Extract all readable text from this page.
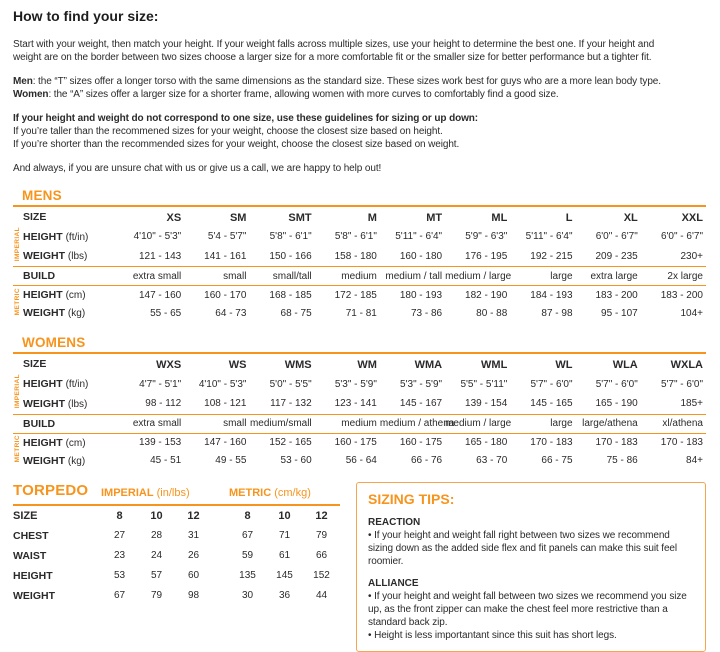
How to find your size:
Start with your weight, then match your height. If your weight falls across multiple sizes, use your height to determine the best one. If your height and
weight are on the border between two sizes choose a larger size for a more comfortable fit or the smaller size for better performance but a tighter fit.
Men: the “T” sizes offer a longer torso with the same dimensions as the standard size. These sizes work best for guys who are a more lean body type.
Women: the “A” sizes offer a larger size for a shorter frame, allowing women with more curves to comfortably find a good size.
If your height and weight do not correspond to one size, use these guidelines for sizing or up down:
If you’re taller than the recommened sizes for your weight, choose the closest size based on height.
If you’re shorter than the recommended sizes for your weight, choose the closest size based on weight.
And always, if you are unsure chat with us or give us a call, we are happy to help out!
MENS
	SIZE	XS	SM	SMT	M	MT	ML	L	XL	XXL
IMPERIAL	HEIGHT (ft/in)	4'10" - 5'3"	5'4 - 5'7"	5'8" - 6'1"	5'8" - 6'1"	5'11" - 6'4"	5'9" - 6'3"	5'11" - 6'4"	6'0" - 6'7"	6'0" - 6'7"
	WEIGHT (lbs)	121 - 143	141 - 161	150 - 166	158 - 180	160 - 180	176 - 195	192 - 215	209 - 235	230+
	BUILD	extra small	small	small/tall	medium	medium / tall	medium / large	large	extra large	2x large
METRIC	HEIGHT (cm)	147 - 160	160 - 170	168 - 185	172 - 185	180 - 193	182 - 190	184 - 193	183 - 200	183 - 200
	WEIGHT (kg)	55 - 65	64 - 73	68 - 75	71 - 81	73 - 86	80 - 88	87 - 98	95 - 107	104+
WOMENS
	SIZE	WXS	WS	WMS	WM	WMA	WML	WL	WLA	WXLA
IMPERIAL	HEIGHT (ft/in)	4'7" - 5'1"	4'10" - 5'3"	5'0" - 5'5"	5'3" - 5'9"	5'3" - 5'9"	5'5" - 5'11"	5'7" - 6'0"	5'7" - 6'0"	5'7" - 6'0"
	WEIGHT (lbs)	98 - 112	108 - 121	117 - 132	123 - 141	145 - 167	139 - 154	145 - 165	165 - 190	185+
	BUILD	extra small	small	medium/small	medium	medium / athena	medium / large	large	large/athena	xl/athena
METRIC	HEIGHT (cm)	139 - 153	147 - 160	152 - 165	160 - 175	160 - 175	165 - 180	170 - 183	170 - 183	170 - 183
	WEIGHT (kg)	45 - 51	49 - 55	53 - 60	56 - 64	66 - 76	63 - 70	66 - 75	75 - 86	84+
TORPEDO	IMPERIAL (in/lbs)				METRIC (cm/kg)		
SIZE	8	10	12		8	10	12
CHEST	27	28	31		67	71	79
WAIST	23	24	26		59	61	66
HEIGHT	53	57	60		135	145	152
WEIGHT	67	79	98		30	36	44
SIZING TIPS:
REACTION
• If your height and weight fall right between two sizes we recommend sizing down as the added side flex and fit panels can make this suit feel roomier.
ALLIANCE
• If your height and weight fall between two sizes we recommend you size up, as the front zipper can make the chest feel more restrictive than a standard back zip.
• Height is less importantant since this suit has short legs.
